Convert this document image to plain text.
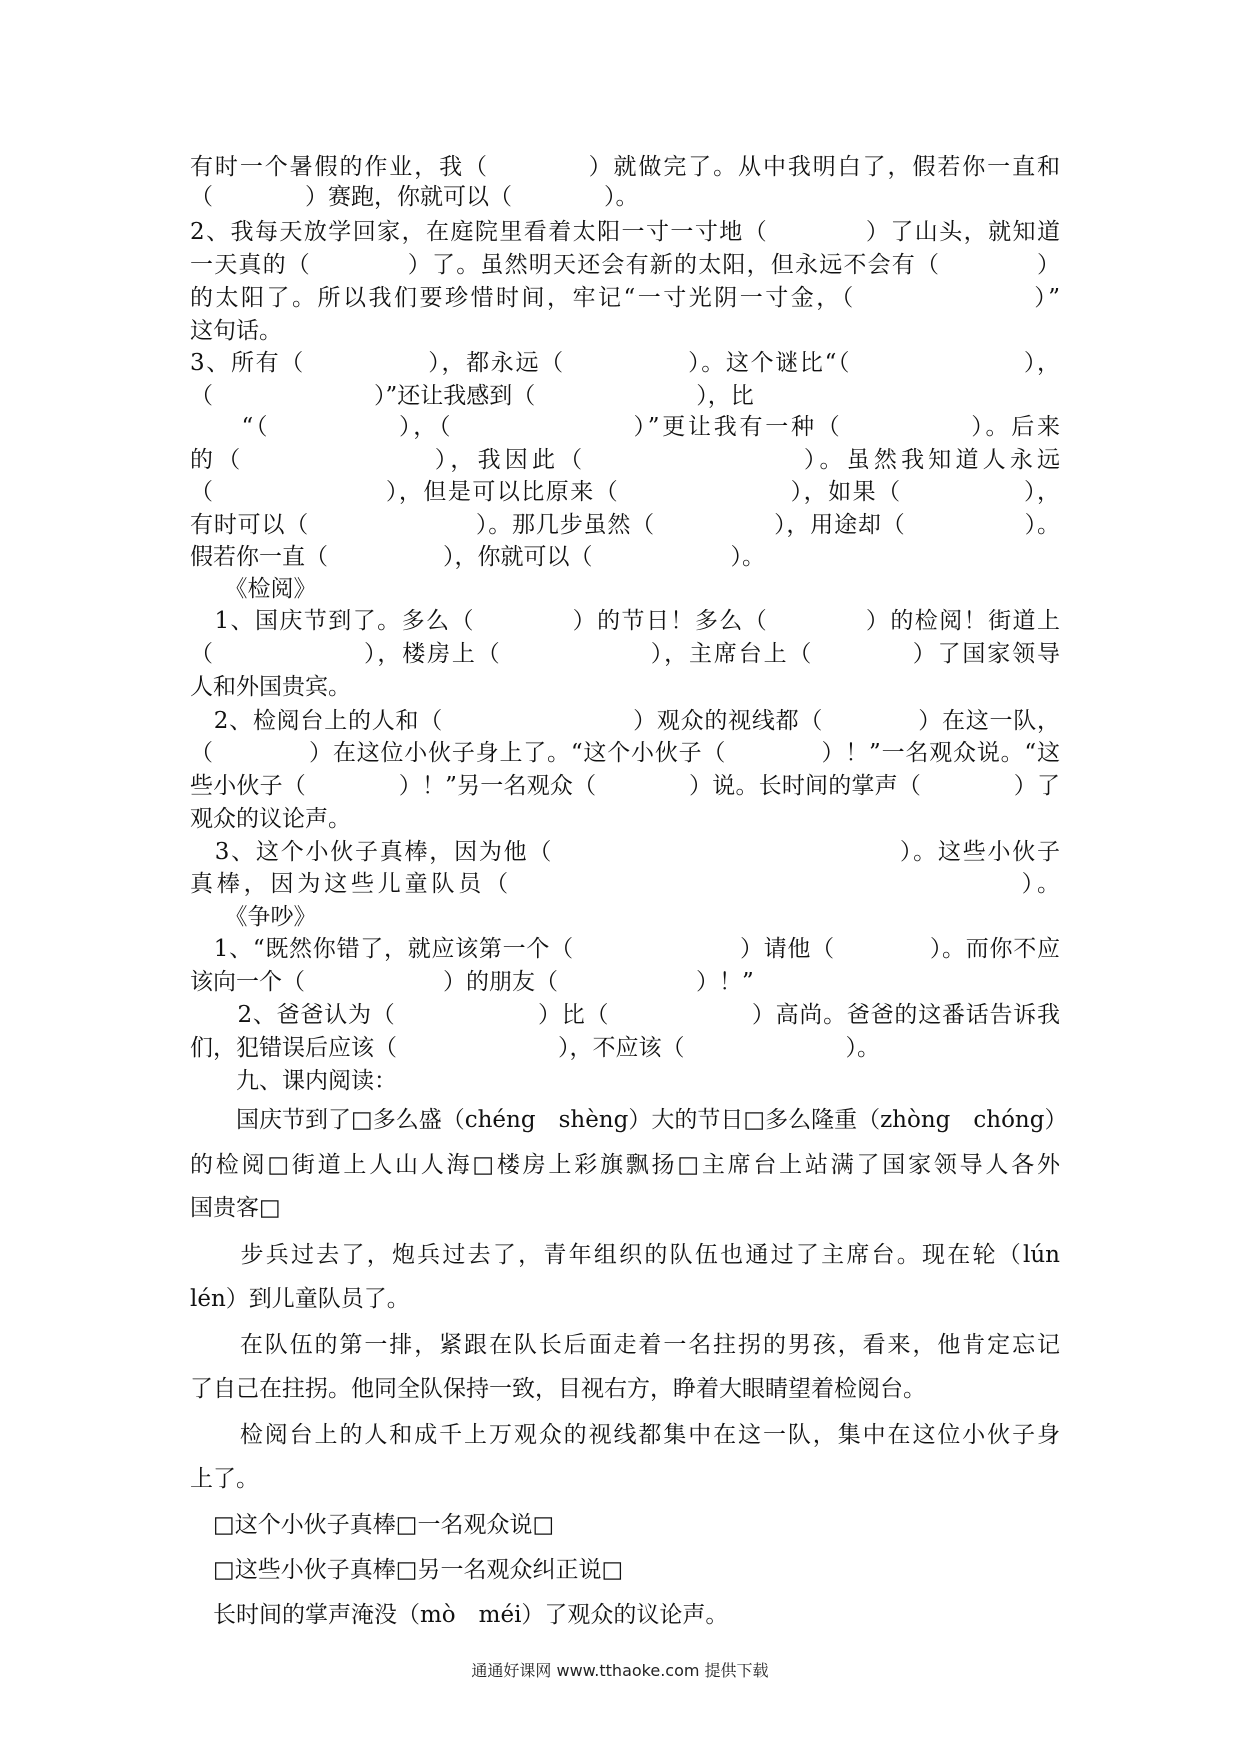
有时一个暑假的作业，我（　　　　）就做完了。从中我明白了，假若你一直和
（　　　　）赛跑，你就可以（　　　　）。
2、我每天放学回家，在庭院里看着太阳一寸一寸地（　　　　）了山头，就知道
一天真的（　　　　）了。虽然明天还会有新的太阳，但永远不会有（　　　　）
的太阳了。所以我们要珍惜时间，牢记“一寸光阴一寸金，（　　　　　　　）”
这句话。
3、所有（　　　　　），都永远（　　　　　）。这个谜比“（　　　　　　　），
（　　　　　　　）”还让我感到（　　　　　　　），比
　　“（　　　　　），（　　　　　　　）”更让我有一种（　　　　　）。后来
的（　　　　　　　），我因此（　　　　　　　　）。虽然我知道人永远
（　　　　　　　），但是可以比原来（　　　　　　　），如果（　　　　　），
有时可以（　　　　　　　）。那几步虽然（　　　　　），用途却（　　　　　）。
假若你一直（　　　　　），你就可以（　　　　　　）。
　　《检阅》
　1、国庆节到了。多么（　　　　）的节日！多么（　　　　）的检阅！街道上
（　　　　　　），楼房上（　　　　　　），主席台上（　　　　）了国家领导
人和外国贵宾。
　2、检阅台上的人和（　　　　　　　　）观众的视线都（　　　　）在这一队，
（　　　　）在这位小伙子身上了。“这个小伙子（　　　　）！”一名观众说。“这
些小伙子（　　　　）！”另一名观众（　　　　）说。长时间的掌声（　　　　）了
观众的议论声。
　3、这个小伙子真棒，因为他（　　　　　　　　　　　　　　）。这些小伙子
真棒，因为这些儿童队员（　　　　　　　　　　　　　　　　　　　）。
　　《争吵》
　1、“既然你错了，就应该第一个（　　　　　　　）请他（　　　　）。而你不应
该向一个（　　　　　　）的朋友（　　　　　　）！”
　　2、爸爸认为（　　　　　　）比（　　　　　　）高尚。爸爸的这番话告诉我
们，犯错误后应该（　　　　　　　），不应该（　　　　　　　）。
　　九、课内阅读：
　　国庆节到了□多么盛（chéng　shèng）大的节日□多么隆重（zhòng　chóng）
的检阅□街道上人山人海□楼房上彩旗飘扬□主席台上站满了国家领导人各外
国贵客□
　　步兵过去了，炮兵过去了，青年组织的队伍也通过了主席台。现在轮（lún
lén）到儿童队员了。
　　在队伍的第一排，紧跟在队长后面走着一名拄拐的男孩，看来，他肯定忘记
了自己在拄拐。他同全队保持一致，目视右方，睁着大眼睛望着检阅台。
　　检阅台上的人和成千上万观众的视线都集中在这一队，集中在这位小伙子身
上了。
　□这个小伙子真棒□一名观众说□
　□这些小伙子真棒□另一名观众纠正说□
　长时间的掌声淹没（mò　méi）了观众的议论声。
通通好课网 www.tthaoke.com 提供下载
